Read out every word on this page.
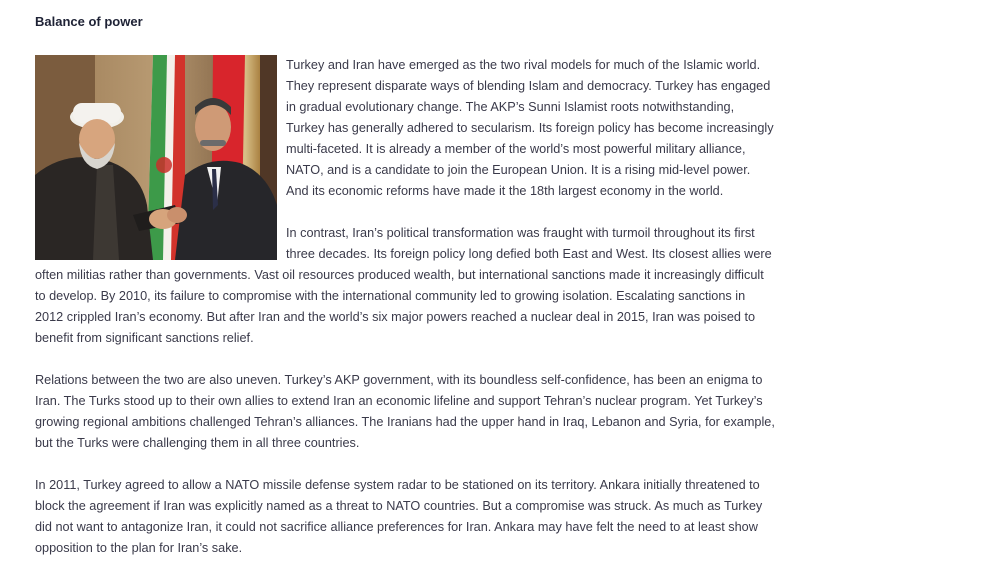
Balance of power

Turkey and Iran have emerged as the two rival models for much of the Islamic world. They represent disparate ways of blending Islam and democracy. Turkey has engaged in gradual evolutionary change. The AKP’s Sunni Islamist roots notwithstanding, Turkey has generally adhered to secularism. Its foreign policy has become increasingly multi-faceted. It is already a member of the world’s most powerful military alliance, NATO, and is a candidate to join the European Union. It is a rising mid-level power. And its economic reforms have made it the 18th largest economy in the world.

In contrast, Iran’s political transformation was fraught with turmoil throughout its first three decades. Its foreign policy long defied both East and West. Its closest allies were often militias rather than governments. Vast oil resources produced wealth, but international sanctions made it increasingly difficult to develop. By 2010, its failure to compromise with the international community led to growing isolation. Escalating sanctions in 2012 crippled Iran’s economy. But after Iran and the world’s six major powers reached a nuclear deal in 2015, Iran was poised to benefit from significant sanctions relief.

Relations between the two are also uneven. Turkey’s AKP government, with its boundless self-confidence, has been an enigma to Iran. The Turks stood up to their own allies to extend Iran an economic lifeline and support Tehran’s nuclear program. Yet Turkey’s growing regional ambitions challenged Tehran’s alliances. The Iranians had the upper hand in Iraq, Lebanon and Syria, for example, but the Turks were challenging them in all three countries.

In 2011, Turkey agreed to allow a NATO missile defense system radar to be stationed on its territory. Ankara initially threatened to block the agreement if Iran was explicitly named as a threat to NATO countries. But a compromise was struck. As much as Turkey did not want to antagonize Iran, it could not sacrifice alliance preferences for Iran. Ankara may have felt the need to at least show opposition to the plan for Iran’s sake.
